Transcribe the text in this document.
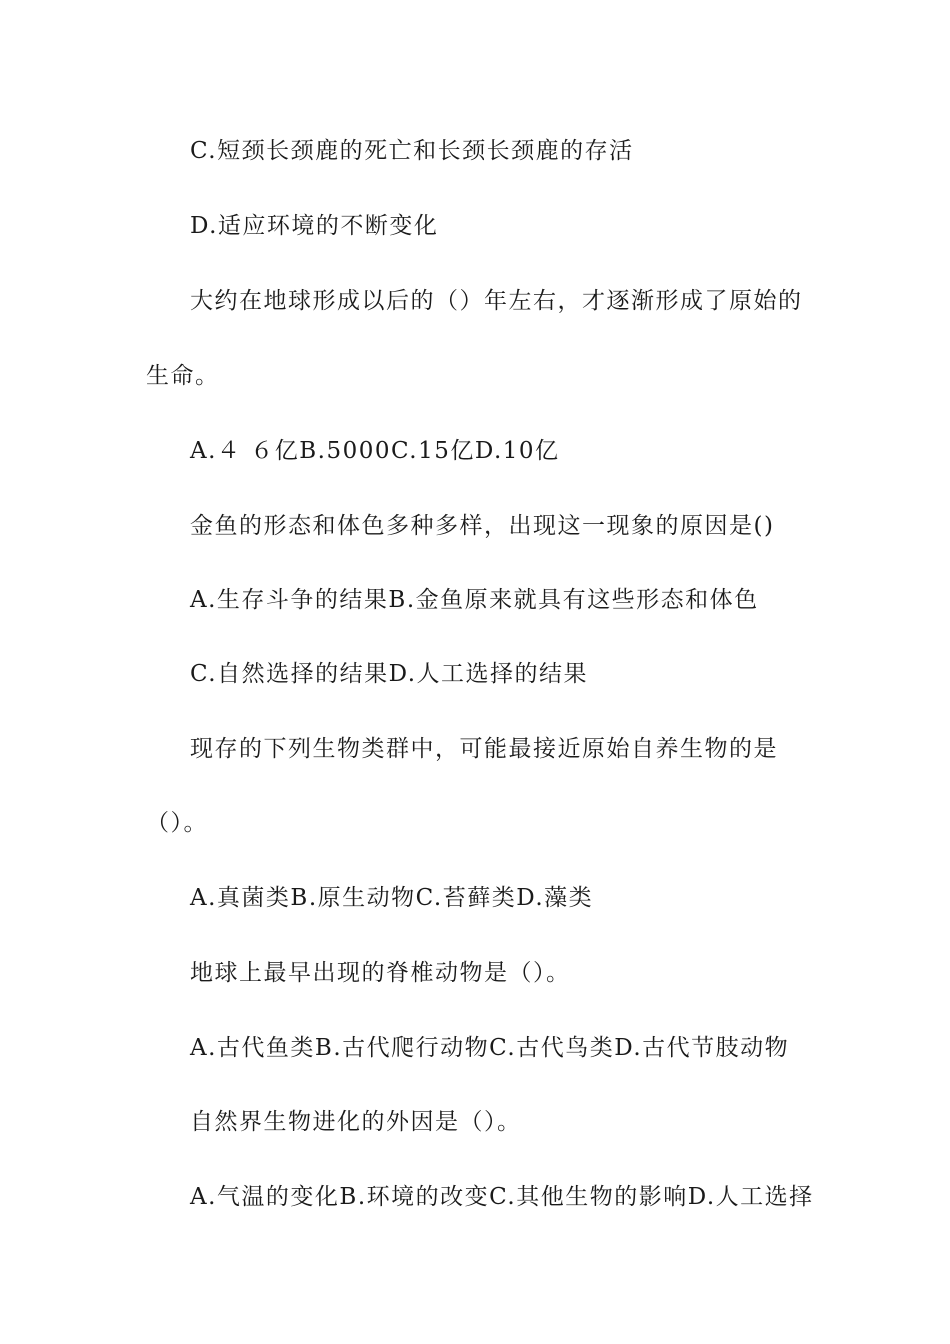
C.短颈长颈鹿的死亡和长颈长颈鹿的存活
D.适应环境的不断变化
大约在地球形成以后的（）年左右，才逐渐形成了原始的
生命。
A.４ ６亿B.5000C.15亿D.10亿
金鱼的形态和体色多种多样，出现这一现象的原因是()
A.生存斗争的结果B.金鱼原来就具有这些形态和体色
C.自然选择的结果D.人工选择的结果
现存的下列生物类群中，可能最接近原始自养生物的是
（）。
A.真菌类B.原生动物C.苔藓类D.藻类
地球上最早出现的脊椎动物是（）。
A.古代鱼类B.古代爬行动物C.古代鸟类D.古代节肢动物
自然界生物进化的外因是（）。
A.气温的变化B.环境的改变C.其他生物的影响D.人工选择
